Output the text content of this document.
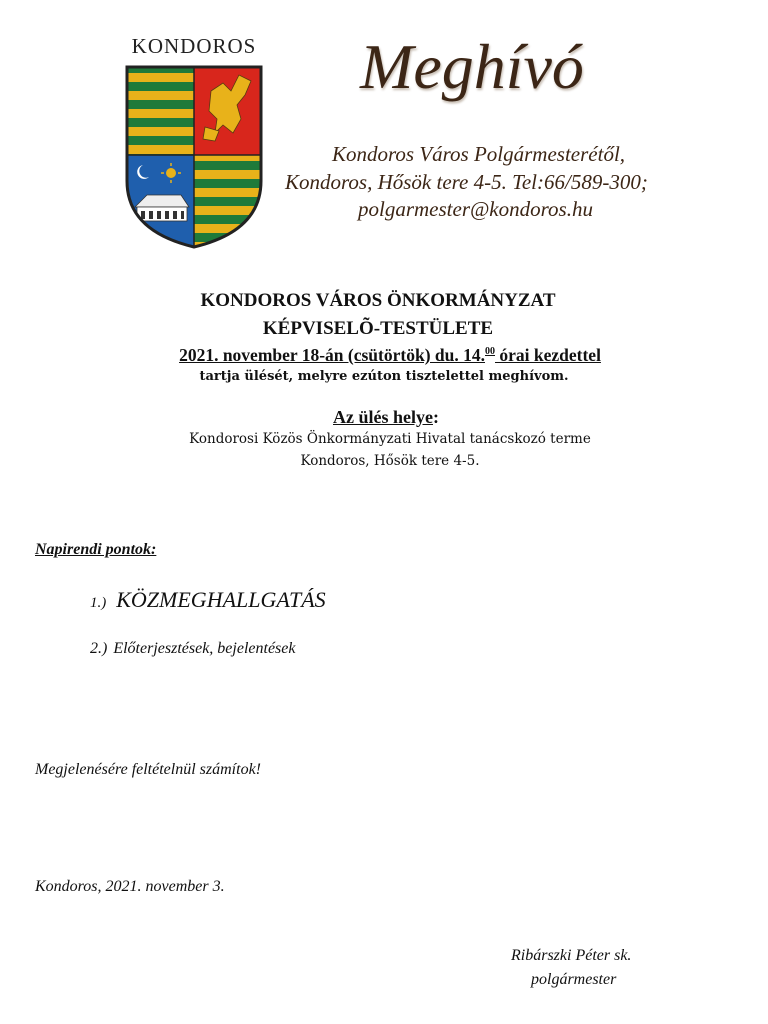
KONDOROS Meghívó
Kondoros Város Polgármesterétől,
Kondoros, Hősök tere 4-5. Tel:66/589-300;
polgarmester@kondoros.hu
KONDOROS VÁROS ÖNKORMÁNYZAT
KÉPVISELÕ-TESTÜLETE
2021. november 18-án (csütörtök) du. 14.00 órai kezdettel
tartja ülését, melyre ezúton tisztelettel meghívom.
Az ülés helye:
Kondorosi Közös Önkormányzati Hivatal tanácskozó terme
Kondoros, Hősök tere 4-5.
Napirendi pontok:
1.) KÖZMEGHALLGATÁS
2.) Előterjesztések, bejelentések
Megjelenésére feltételnül számítok!
Kondoros, 2021. november 3.
Ribárszki Péter sk.
polgármester
